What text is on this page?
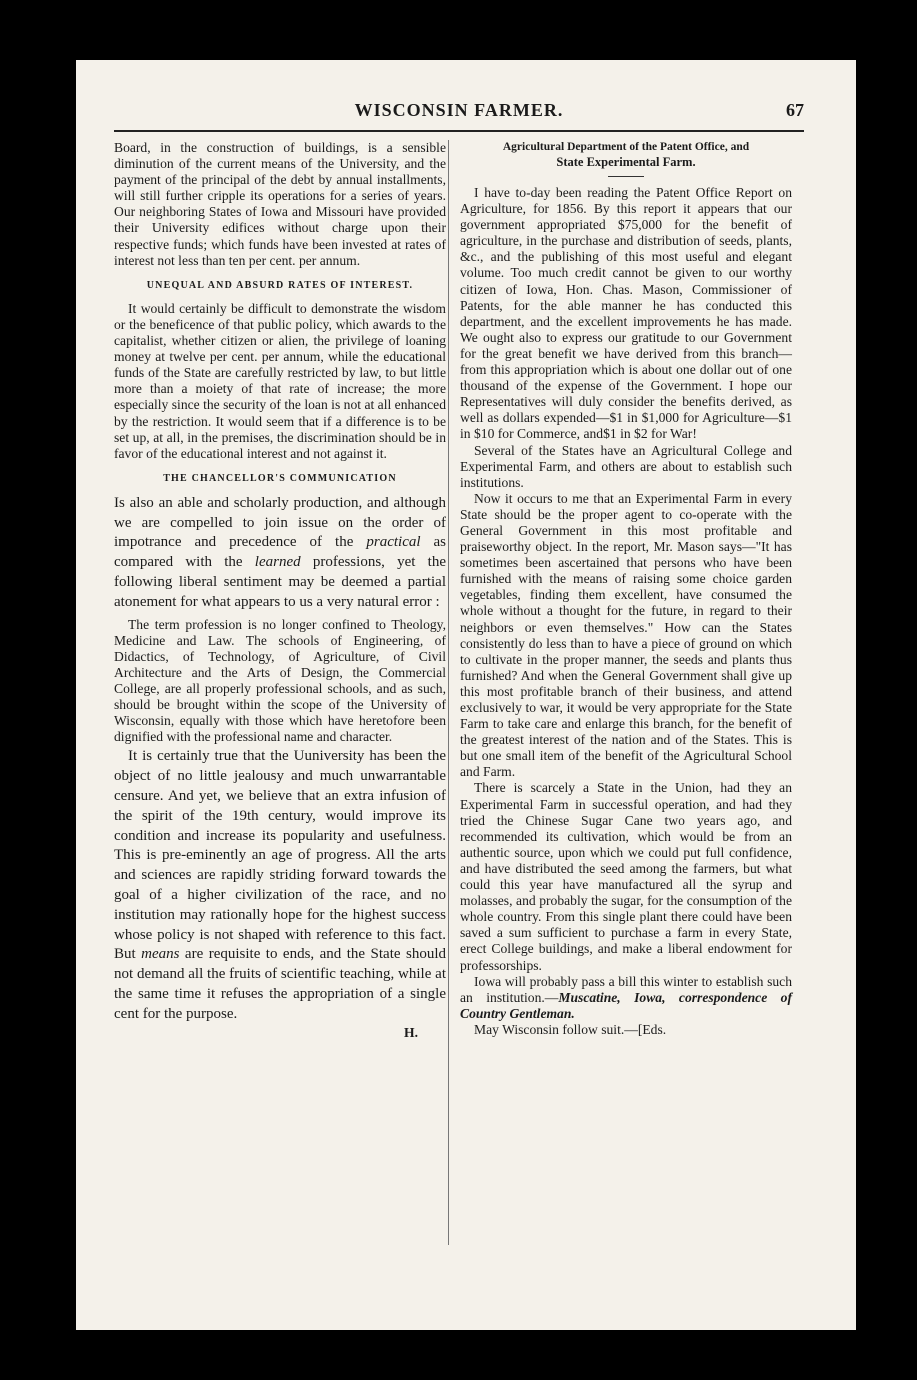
WISCONSIN FARMER.	67

Board, in the construction of buildings, is a sensible diminution of the current means of the University, and the payment of the principal of the debt by annual installments, will still further cripple its operations for a series of years. Our neighboring States of Iowa and Missouri have provided their University edifices without charge upon their respective funds; which funds have been invested at rates of interest not less than ten per cent. per annum.

UNEQUAL AND ABSURD RATES OF INTEREST.

It would certainly be difficult to demonstrate the wisdom or the beneficence of that public policy, which awards to the capitalist, whether citizen or alien, the privilege of loaning money at twelve per cent. per annum, while the educational funds of the State are carefully restricted by law, to but little more than a moiety of that rate of increase; the more especially since the security of the loan is not at all enhanced by the restriction. It would seem that if a difference is to be set up, at all, in the premises, the discrimination should be in favor of the educational interest and not against it.

THE CHANCELLOR'S COMMUNICATION

Is also an able and scholarly production, and although we are compelled to join issue on the order of impotrance and precedence of the practical as compared with the learned professions, yet the following liberal sentiment may be deemed a partial atonement for what appears to us a very natural error :

The term profession is no longer confined to Theology, Medicine and Law. The schools of Engineering, of Didactics, of Technology, of Agriculture, of Civil Architecture and the Arts of Design, the Commercial College, are all properly professional schools, and as such, should be brought within the scope of the University of Wisconsin, equally with those which have heretofore been dignified with the professional name and character.

It is certainly true that the Uuniversity has been the object of no little jealousy and much unwarrantable censure. And yet, we believe that an extra infusion of the spirit of the 19th century, would improve its condition and increase its popularity and usefulness. This is pre-eminently an age of progress. All the arts and sciences are rapidly striding forward towards the goal of a higher civilization of the race, and no institution may rationally hope for the highest success whose policy is not shaped with reference to this fact. But means are requisite to ends, and the State should not demand all the fruits of scientific teaching, while at the same time it refuses the appropriation of a single cent for the purpose.

H.
Agricultural Department of the Patent Office, and
State Experimental Farm.

I have to-day been reading the Patent Office Report on Agriculture, for 1856. By this report it appears that our government appropriated $75,000 for the benefit of agriculture, in the purchase and distribution of seeds, plants, &c., and the publishing of this most useful and elegant volume. Too much credit cannot be given to our worthy citizen of Iowa, Hon. Chas. Mason, Commissioner of Patents, for the able manner he has conducted this department, and the excellent improvements he has made. We ought also to express our gratitude to our Government for the great benefit we have derived from this branch—from this appropriation which is about one dollar out of one thousand of the expense of the Government. I hope our Representatives will duly consider the benefits derived, as well as dollars expended—$1 in $1,000 for Agriculture—$1 in $10 for Commerce, and$1 in $2 for War!

Several of the States have an Agricultural College and Experimental Farm, and others are about to establish such institutions.

Now it occurs to me that an Experimental Farm in every State should be the proper agent to co-operate with the General Government in this most profitable and praiseworthy object. In the report, Mr. Mason says—"It has sometimes been ascertained that persons who have been furnished with the means of raising some choice garden vegetables, finding them excellent, have consumed the whole without a thought for the future, in regard to their neighbors or even themselves." How can the States consistently do less than to have a piece of ground on which to cultivate in the proper manner, the seeds and plants thus furnished? And when the General Government shall give up this most profitable branch of their business, and attend exclusively to war, it would be very appropriate for the State Farm to take care and enlarge this branch, for the benefit of the greatest interest of the nation and of the States. This is but one small item of the benefit of the Agricultural School and Farm.

There is scarcely a State in the Union, had they an Experimental Farm in successful operation, and had they tried the Chinese Sugar Cane two years ago, and recommended its cultivation, which would be from an authentic source, upon which we could put full confidence, and have distributed the seed among the farmers, but what could this year have manufactured all the syrup and molasses, and probably the sugar, for the consumption of the whole country. From this single plant there could have been saved a sum sufficient to purchase a farm in every State, erect College buildings, and make a liberal endowment for professorships.

Iowa will probably pass a bill this winter to establish such an institution.—Muscatine, Iowa, correspondence of Country Gentleman.

May Wisconsin follow suit.—[Eds.
